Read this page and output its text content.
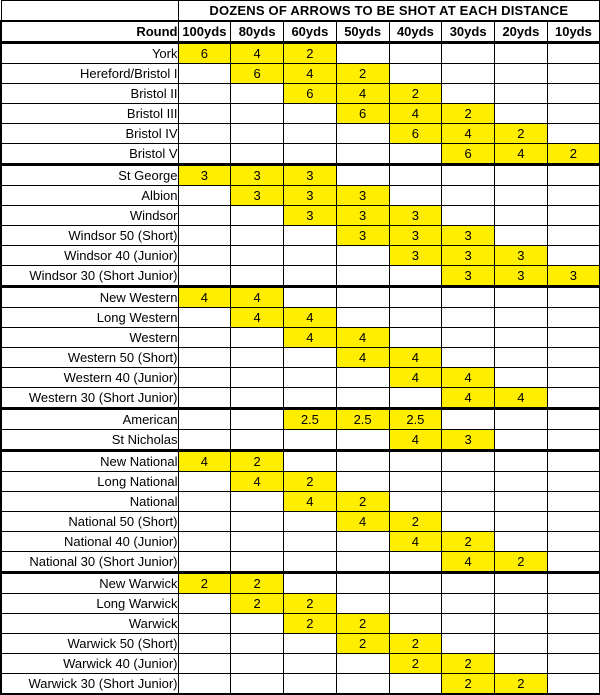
	DOZENS OF ARROWS TO BE SHOT AT EACH DISTANCE							
Round	100yds	80yds	60yds	50yds	40yds	30yds	20yds	10yds
York	6	4	2					
Hereford/Bristol I		6	4	2				
Bristol II			6	4	2			
Bristol III				6	4	2		
Bristol IV					6	4	2	
Bristol V						6	4	2
St George	3	3	3					
Albion		3	3	3				
Windsor			3	3	3			
Windsor 50 (Short)				3	3	3		
Windsor 40 (Junior)					3	3	3	
Windsor 30 (Short Junior)						3	3	3
New Western	4	4						
Long Western		4	4					
Western			4	4				
Western 50 (Short)				4	4			
Western 40 (Junior)					4	4		
Western 30 (Short Junior)						4	4	
American			2.5	2.5	2.5			
St Nicholas					4	3		
New National	4	2						
Long National		4	2					
National			4	2				
National 50 (Short)				4	2			
National 40 (Junior)					4	2		
National 30 (Short Junior)						4	2	
New Warwick	2	2						
Long Warwick		2	2					
Warwick			2	2				
Warwick 50 (Short)				2	2			
Warwick 40 (Junior)					2	2		
Warwick 30 (Short Junior)						2	2	
